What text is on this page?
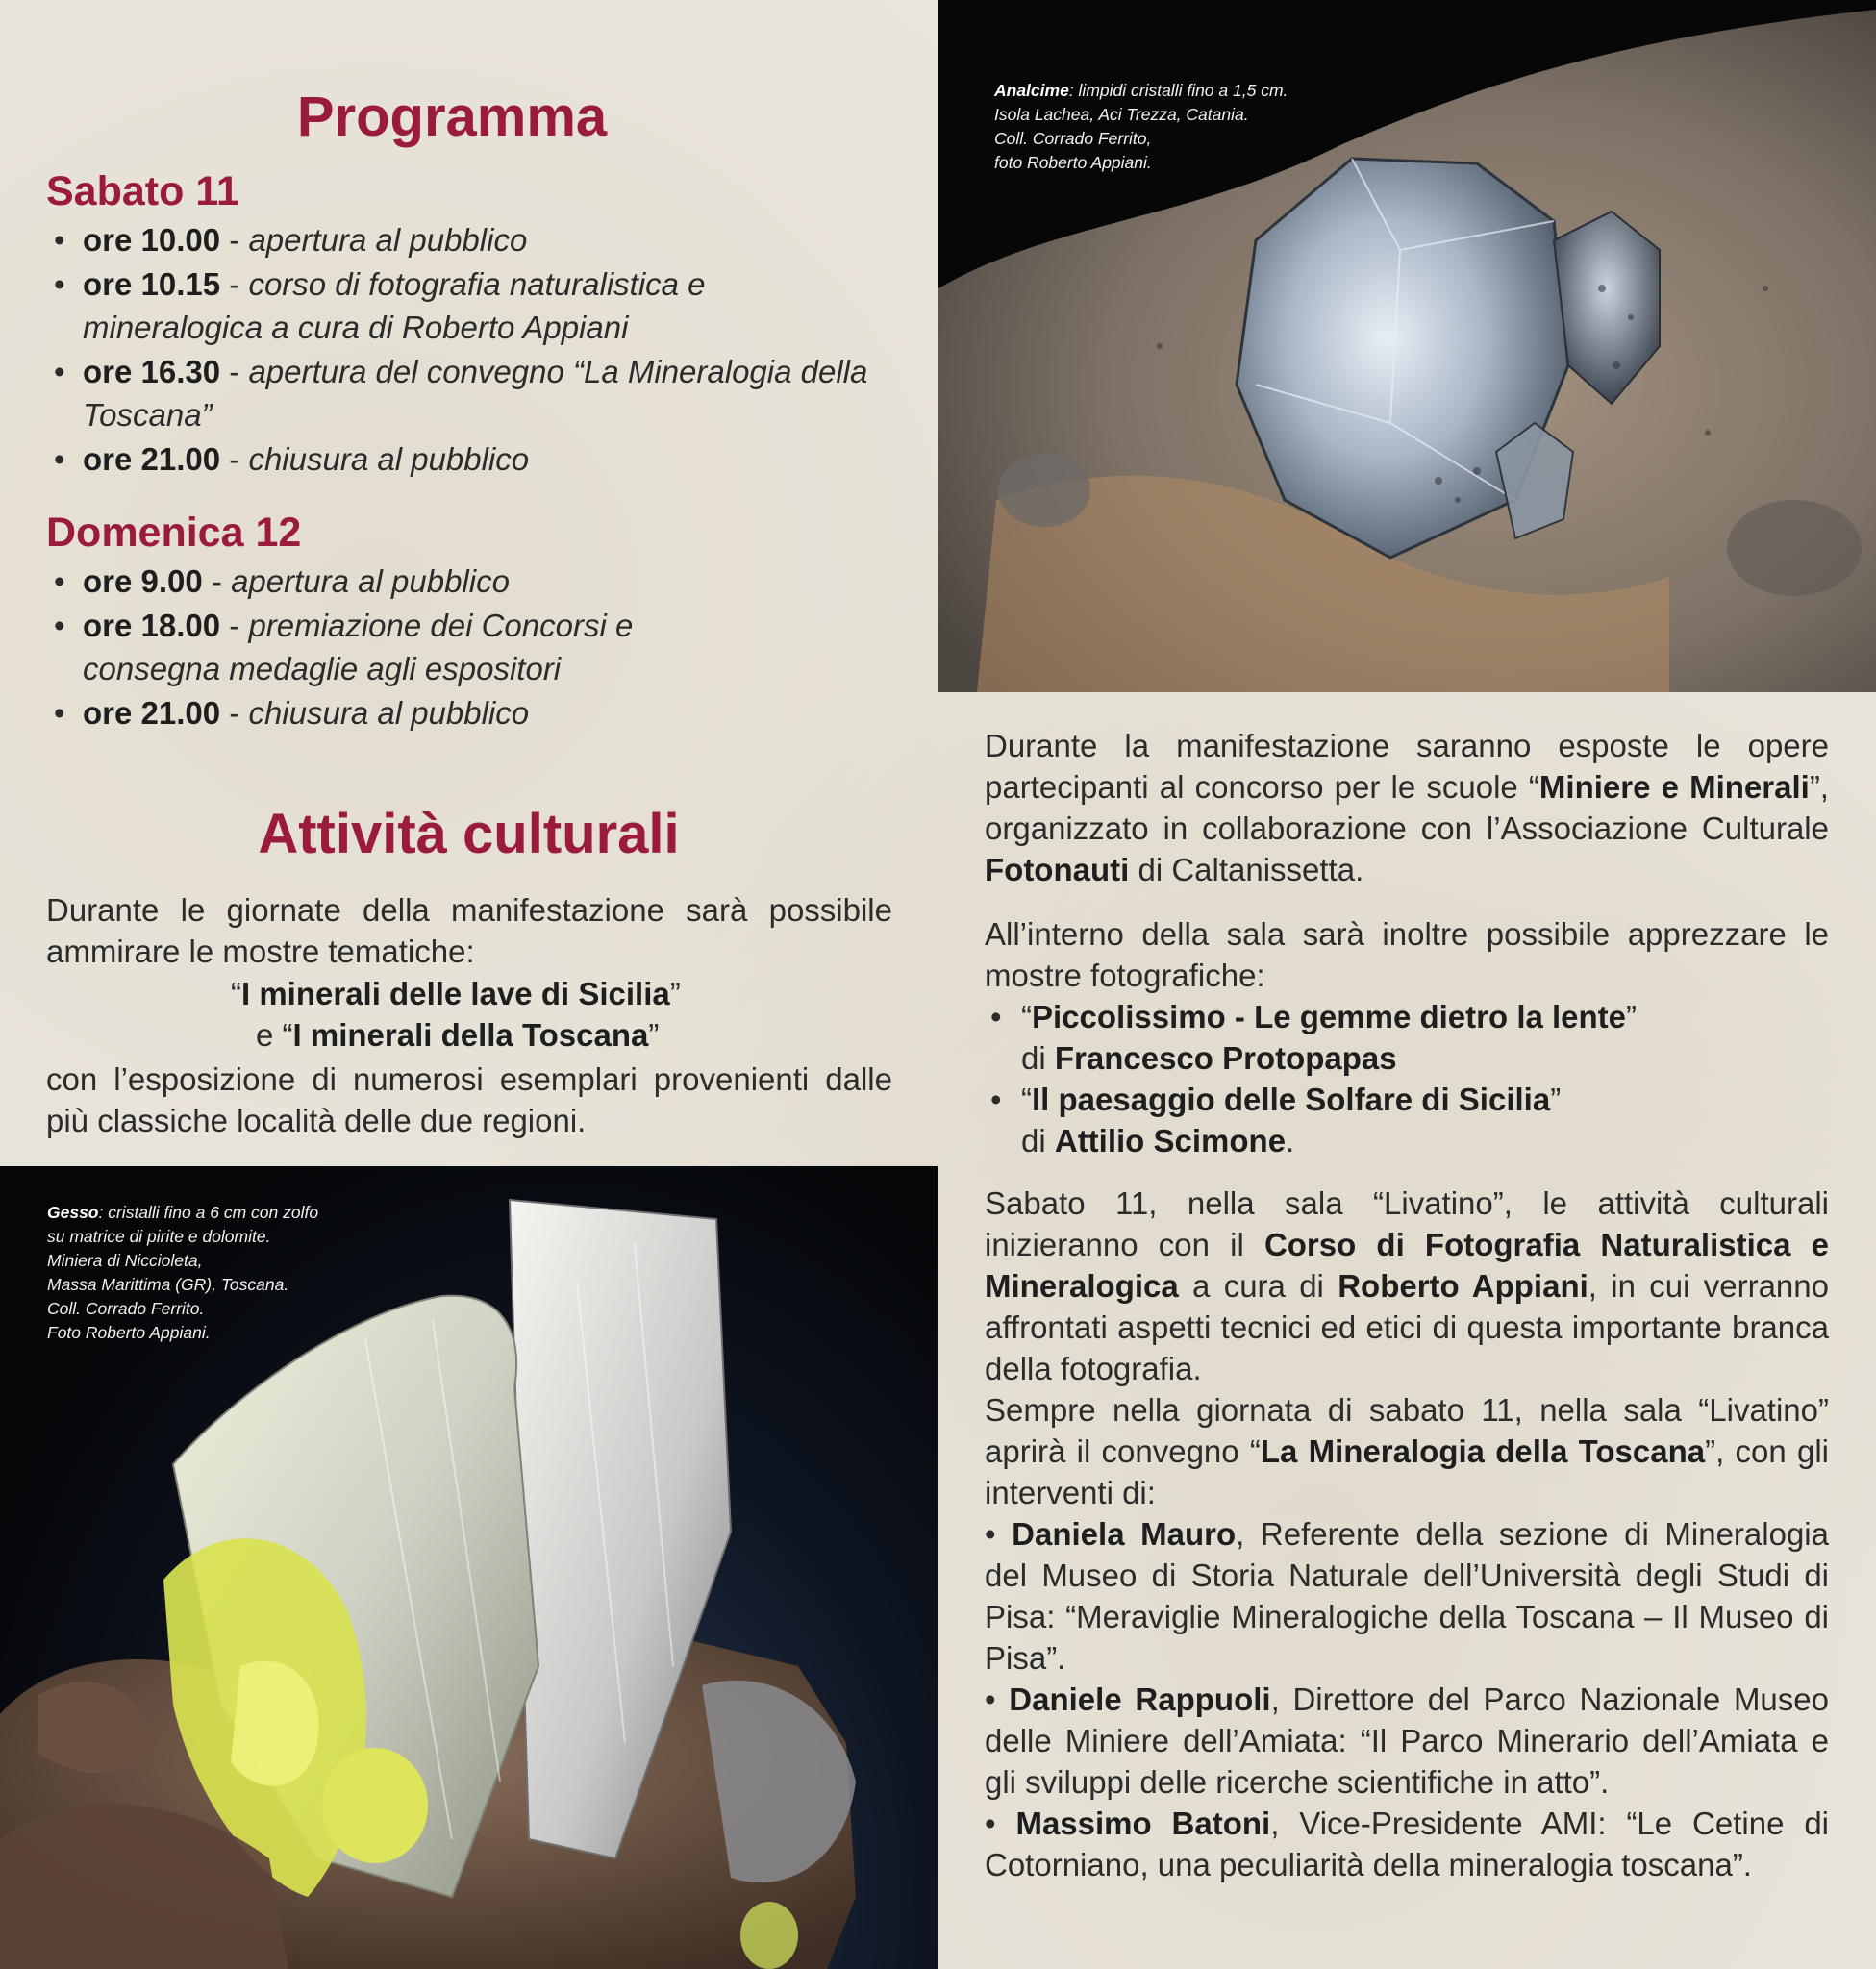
Programma
Sabato 11
• ore 10.00 - apertura al pubblico
• ore 10.15 - corso di fotografia naturalistica e mineralogica a cura di Roberto Appiani
• ore 16.30 - apertura del convegno “La Mineralogia della Toscana”
• ore 21.00 - chiusura al pubblico
Domenica 12
• ore 9.00 - apertura al pubblico
• ore 18.00 - premiazione dei Concorsi e consegna medaglie agli espositori
• ore 21.00 - chiusura al pubblico
Attività culturali

Durante le giornate della manifestazione sarà possibile ammirare le mostre tematiche:

“I minerali delle lave di Sicilia”

e “I minerali della Toscana”

con l’esposizione di numerosi esemplari provenienti dalle più classiche località delle due regioni.

Analcime: limpidi cristalli fino a 1,5 cm.
Isola Lachea, Aci Trezza, Catania.
Coll. Corrado Ferrito,
foto Roberto Appiani.

Gesso: cristalli fino a 6 cm con zolfo
su matrice di pirite e dolomite.
Miniera di Niccioleta,
Massa Marittima (GR), Toscana.
Coll. Corrado Ferrito.
Foto Roberto Appiani.

Durante la manifestazione saranno esposte le opere partecipanti al concorso per le scuole “Miniere e Minerali”, organizzato in collaborazione con l’Associazione Culturale Fotonauti di Caltanissetta.

All’interno della sala sarà inoltre possibile apprezzare le mostre fotografiche:

• “Piccolissimo - Le gemme dietro la lente”
di Francesco Protopapas
• “Il paesaggio delle Solfare di Sicilia”
di Attilio Scimone.

Sabato 11, nella sala “Livatino”, le attività culturali inizieranno con il Corso di Fotografia Naturalistica e Mineralogica a cura di Roberto Appiani, in cui verranno affrontati aspetti tecnici ed etici di questa importante branca della fotografia.

Sempre nella giornata di sabato 11, nella sala “Livatino” aprirà il convegno “La Mineralogia della Toscana”, con gli interventi di:

• Daniela Mauro, Referente della sezione di Mineralogia del Museo di Storia Naturale dell’Università degli Studi di Pisa: “Meraviglie Mineralogiche della Toscana – Il Museo di Pisa”.

• Daniele Rappuoli, Direttore del Parco Nazionale Museo delle Miniere dell’Amiata: “Il Parco Minerario dell’Amiata e gli sviluppi delle ricerche scientifiche in atto”.

• Massimo Batoni, Vice-Presidente AMI: “Le Cetine di Cotorniano, una peculiarità della mineralogia toscana”.
